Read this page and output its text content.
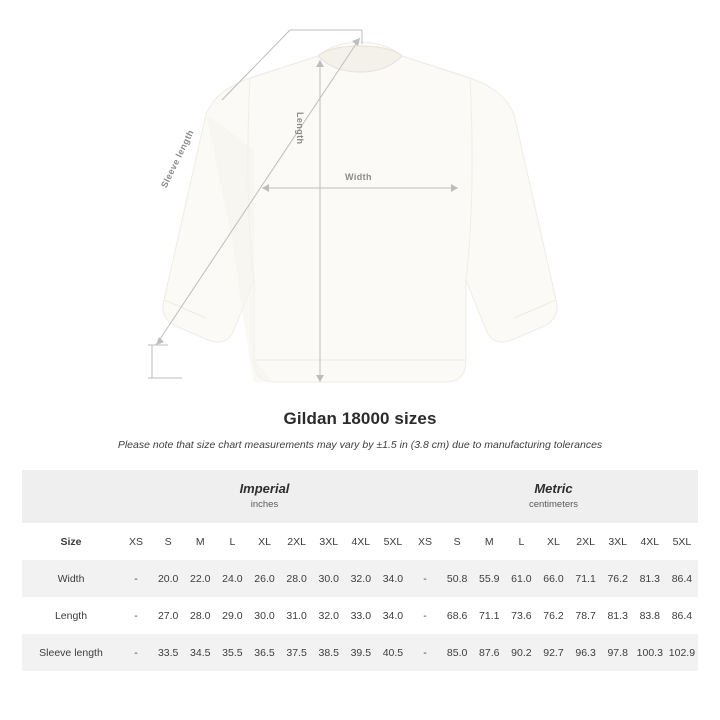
Width
Length
Sleeve length
Gildan 18000 sizes

Please note that size chart measurements may vary by ±1.5 in (3.8 cm) due to manufacturing tolerances

	Imperial
inches									Metric
centimeters								

Size	XS	S	M	L	XL	2XL	3XL	4XL	5XL	XS	S	M	L	XL	2XL	3XL	4XL	5XL
Width	-	20.0	22.0	24.0	26.0	28.0	30.0	32.0	34.0	-	50.8	55.9	61.0	66.0	71.1	76.2	81.3	86.4
Length	-	27.0	28.0	29.0	30.0	31.0	32.0	33.0	34.0	-	68.6	71.1	73.6	76.2	78.7	81.3	83.8	86.4
Sleeve length	-	33.5	34.5	35.5	36.5	37.5	38.5	39.5	40.5	-	85.0	87.6	90.2	92.7	96.3	97.8	100.3	102.9
